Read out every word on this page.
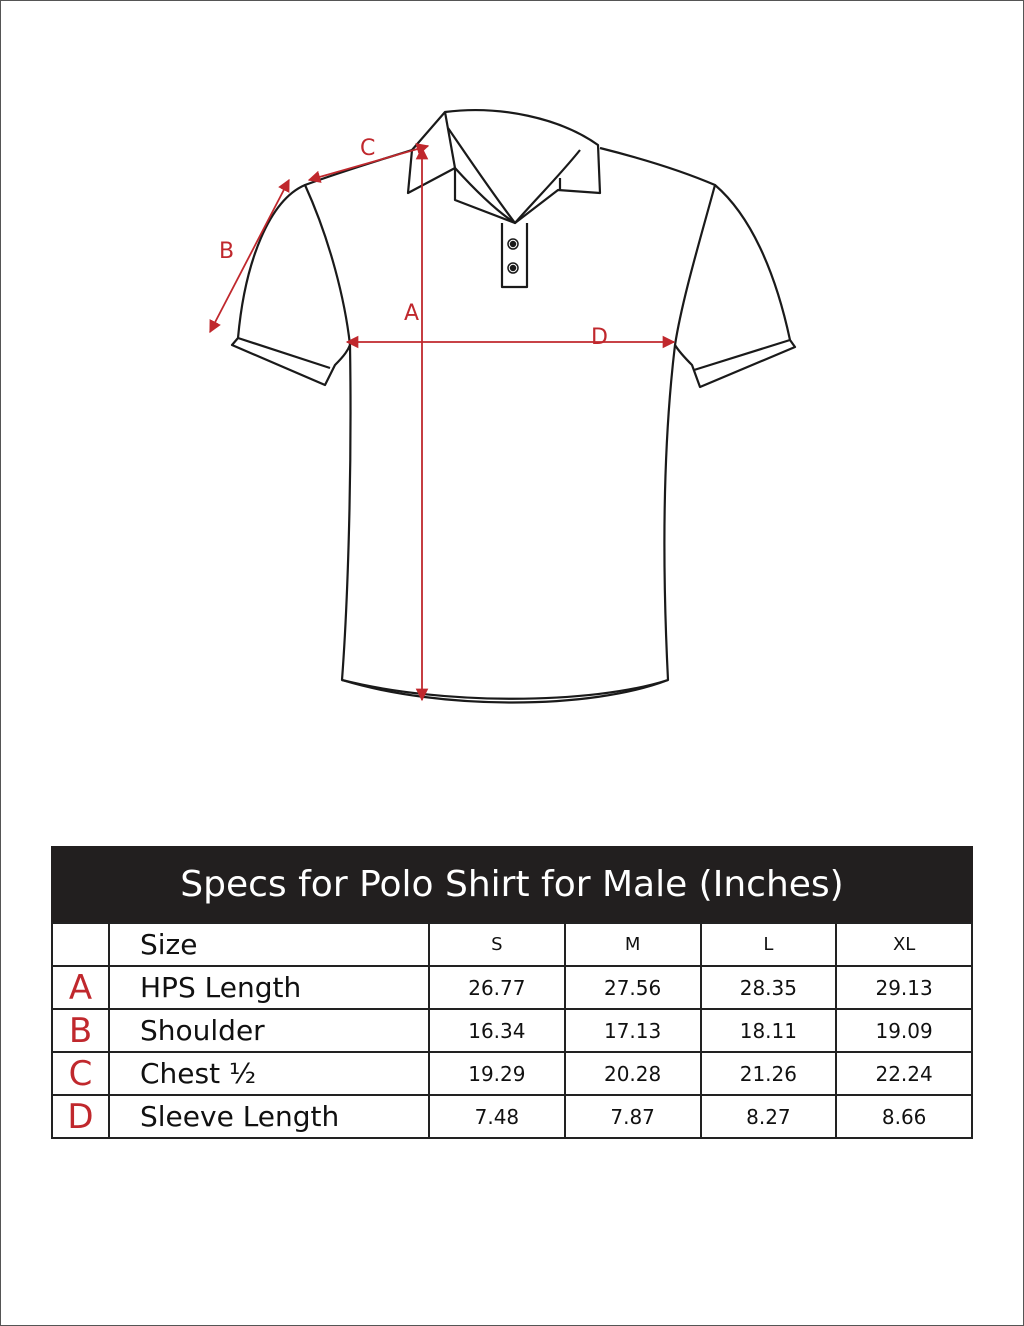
A
B
C
D
Specs for Polo Shirt for Male (Inches)
	Size	S	M	L	XL
A	HPS Length	26.77	27.56	28.35	29.13
B	Shoulder	16.34	17.13	18.11	19.09
C	Chest ½	19.29	20.28	21.26	22.24
D	Sleeve Length	7.48	7.87	8.27	8.66
